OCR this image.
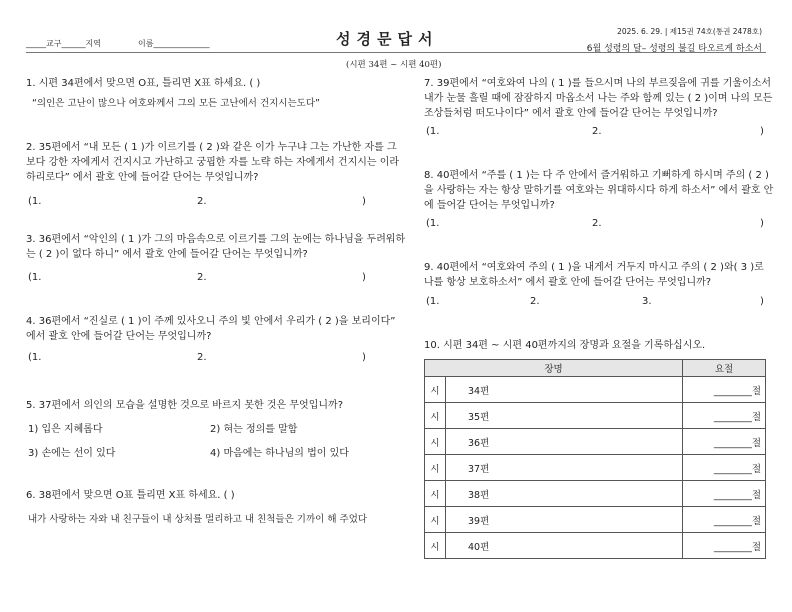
_____교구______지역	이름______________	성경문답서	2025. 6. 29. | 제15권 74호(통권 2478호)
6월 성령의 달– 성령의 불길 타오르게 하소서
(시편 34편 ~ 시편 40편)
1. 시편 34편에서 맞으면 O표, 틀리면 X표 하세요. ( )
“의인은 고난이 많으나 여호와께서 그의 모든 고난에서 건지시는도다”
2. 35편에서 “내 모든 ( 1 )가 이르기를 ( 2 )와 같은 이가 누구냐 그는 가난한 자를 그보다 강한 자에게서 건지시고 가난하고 궁핍한 자를 노략 하는 자에게서 건지시는 이라 하리로다” 에서 괄호 안에 들어갈 단어는 무엇입니까?
(1.	2.	)
3. 36편에서 “악인의 ( 1 )가 그의 마음속으로 이르기를 그의 눈에는 하나님을 두려워하는 ( 2 )이 없다 하니” 에서 괄호 안에 들어갈 단어는 무엇입니까?
(1.	2.	)
4. 36편에서 “진실로 ( 1 )이 주께 있사오니 주의 빛 안에서 우리가 ( 2 )을 보리이다” 에서 괄호 안에 들어갈 단어는 무엇입니까?
(1.	2.	)
5. 37편에서 의인의 모습을 설명한 것으로 바르지 못한 것은 무엇입니까?
1) 입은 지혜롭다	2) 혀는 정의를 말함
3) 손에는 선이 있다	4) 마음에는 하나님의 법이 있다
6. 38편에서 맞으면 O표 틀리면 X표 하세요. ( )
내가 사랑하는 자와 내 친구들이 내 상처를 멀리하고 내 친척들은 기까이 해 주었다
7. 39편에서 “여호와여 나의 ( 1 )를 들으시며 나의 부르짖음에 귀를 기울이소서 내가 눈물 흘릴 때에 잠잠하지 마옵소서 나는 주와 함께 있는 ( 2 )이며 나의 모든 조상들처럼 떠도나이다” 에서 괄호 안에 들어갈 단어는 무엇입니까?
(1.	2.	)
8. 40편에서 “주를 ( 1 )는 다 주 안에서 즐거워하고 기뻐하게 하시며 주의 ( 2 )을 사랑하는 자는 항상 말하기를 여호와는 위대하시다 하게 하소서” 에서 괄호 안에 들어갈 단어는 무엇입니까?
(1.	2.	)
9. 40편에서 “여호와여 주의 ( 1 )을 내게서 거두지 마시고 주의 ( 2 )와( 3 )로 나를 항상 보호하소서” 에서 괄호 안에 들어갈 단어는 무엇입니까?
(1.	2.	3.	)
10. 시편 34편 ~ 시편 40편까지의 장명과 요절을 기록하십시오.
장명		요절
시	34편	________절
시	35편	________절
시	36편	________절
시	37편	________절
시	38편	________절
시	39편	________절
시	40편	________절
